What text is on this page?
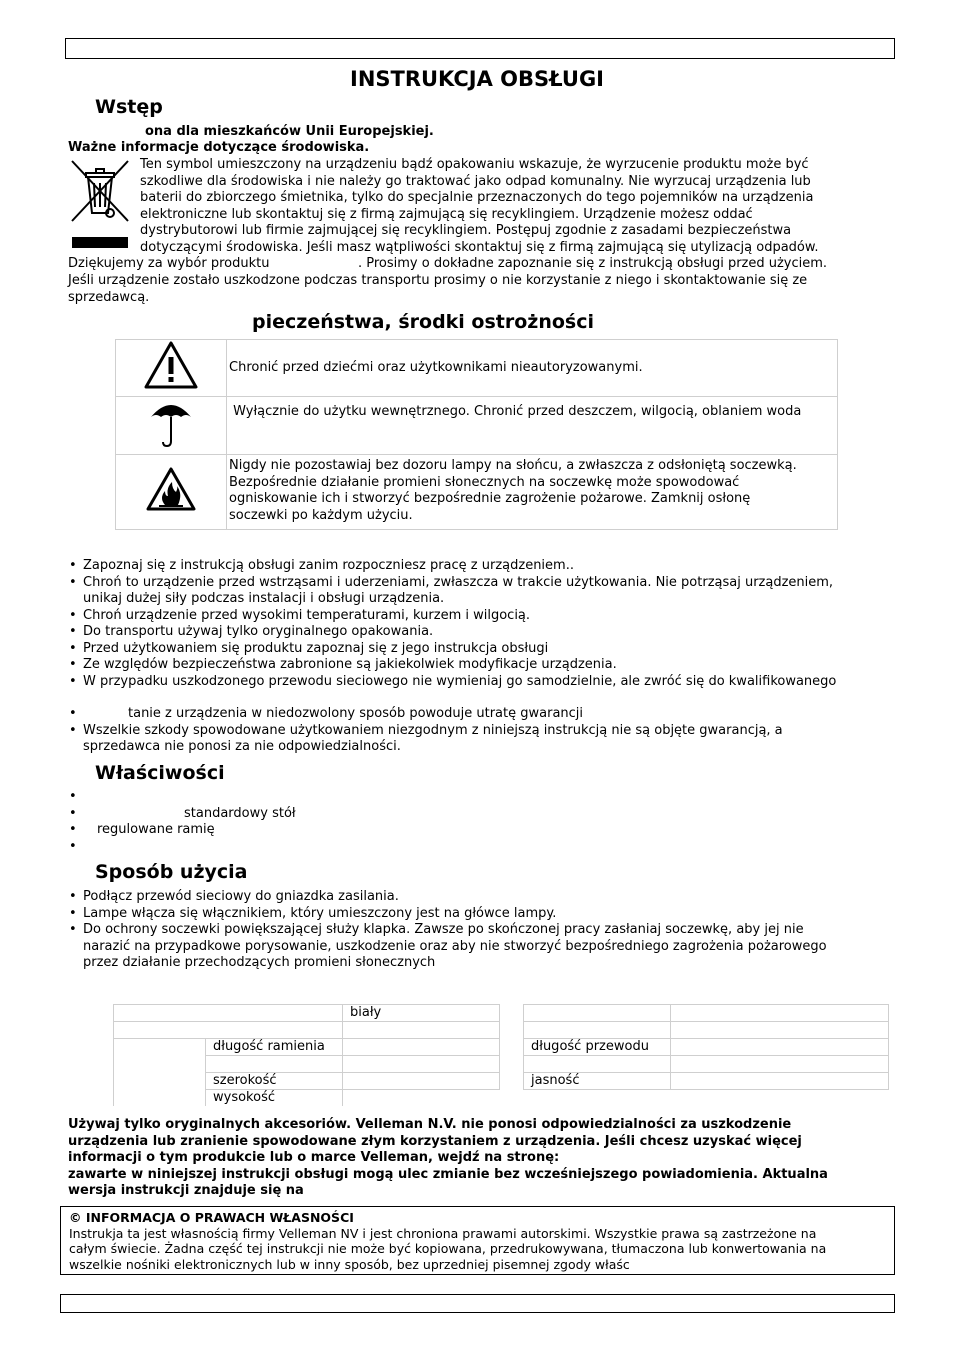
INSTRUKCJA OBSŁUGI
Wstęp
ona dla mieszkańców Unii Europejskiej.
Ważne informacje dotyczące środowiska.
Ten symbol umieszczony na urządzeniu bądź opakowaniu wskazuje, że wyrzucenie produktu może być
szkodliwe dla środowiska i nie należy go traktować jako odpad komunalny. Nie wyrzucaj urządzenia lub
baterii do zbiorczego śmietnika, tylko do specjalnie przeznaczonych do tego pojemników na urządzenia
elektroniczne lub skontaktuj się z firmą zajmującą się recyklingiem. Urządzenie możesz oddać
dystrybutorowi lub firmie zajmującej się recyklingiem. Postępuj zgodnie z zasadami bezpieczeństwa
dotyczącymi środowiska. Jeśli masz wątpliwości skontaktuj się z firmą zajmującą się utylizacją odpadów.
Dziękujemy za wybór produktu	. Prosimy o dokładne zapoznanie się z instrukcją obsługi przed użyciem.
Jeśli urządzenie zostało uszkodzone podczas transportu prosimy o nie korzystanie z niego i skontaktowanie się ze
sprzedawcą.
pieczeństwa, środki ostrożności

Chronić przed dziećmi oraz użytkownikami nieautoryzowanymi.

Wyłącznie do użytku wewnętrznego. Chronić przed deszczem, wilgocią, oblaniem woda

Nigdy nie pozostawiaj bez dozoru lampy na słońcu, a zwłaszcza z odsłoniętą soczewką.
Bezpośrednie działanie promieni słonecznych na soczewkę może spowodować
ogniskowanie ich i stworzyć bezpośrednie zagrożenie pożarowe. Zamknij osłonę
soczewki po każdym użyciu.
• Zapoznaj się z instrukcją obsługi zanim rozpoczniesz pracę z urządzeniem..
• Chroń to urządzenie przed wstrząsami i uderzeniami, zwłaszcza w trakcie użytkowania. Nie potrząsaj urządzeniem,
unikaj dużej siły podczas instalacji i obsługi urządzenia.
• Chroń urządzenie przed wysokimi temperaturami, kurzem i wilgocią.
• Do transportu używaj tylko oryginalnego opakowania.
• Przed użytkowaniem się produktu zapoznaj się z jego instrukcja obsługi
• Ze względów bezpieczeństwa zabronione są jakiekolwiek modyfikacje urządzenia.
• W przypadku uszkodzonego przewodu sieciowego nie wymieniaj go samodzielnie, ale zwróć się do kwalifikowanego
• tanie z urządzenia w niedozwolony sposób powoduje utratę gwarancji
• Wszelkie szkody spowodowane użytkowaniem niezgodnym z niniejszą instrukcją nie są objęte gwarancją, a
sprzedawca nie ponosi za nie odpowiedzialności.
Właściwości
•
• standardowy stół
• regulowane ramię
•
Sposób użycia
• Podłącz przewód sieciowy do gniazdka zasilania.
• Lampe włącza się włącznikiem, który umieszczony jest na główce lampy.
• Do ochrony soczewki powiększającej służy klapka. Zawsze po skończonej pracy zasłaniaj soczewkę, aby jej nie
narazić na przypadkowe porysowanie, uszkodzenie oraz aby nie stworzyć bezpośredniego zagrożenia pożarowego
przez działanie przechodzących promieni słonecznych
		biały

	długość ramienia	

	szerokość	
	wysokość	

długość przewodu	

jasność	
Używaj tylko oryginalnych akcesoriów. Velleman N.V. nie ponosi odpowiedzialności za uszkodzenie
urządzenia lub zranienie spowodowane złym korzystaniem z urządzenia. Jeśli chcesz uzyskać więcej
informacji o tym produkcie lub o marce Velleman, wejdź na stronę:
zawarte w niniejszej instrukcji obsługi mogą ulec zmianie bez wcześniejszego powiadomienia. Aktualna
wersja instrukcji znajduje się na
© INFORMACJA O PRAWACH WŁASNOŚCI
Instrukja ta jest własnością firmy Velleman NV i jest chroniona prawami autorskimi. Wszystkie prawa są zastrzeżone na
całym świecie. Żadna część tej instrukcji nie może być kopiowana, przedrukowywana, tłumaczona lub konwertowania na
wszelkie nośniki elektronicznych lub w inny sposób, bez uprzedniej pisemnej zgody właśc
